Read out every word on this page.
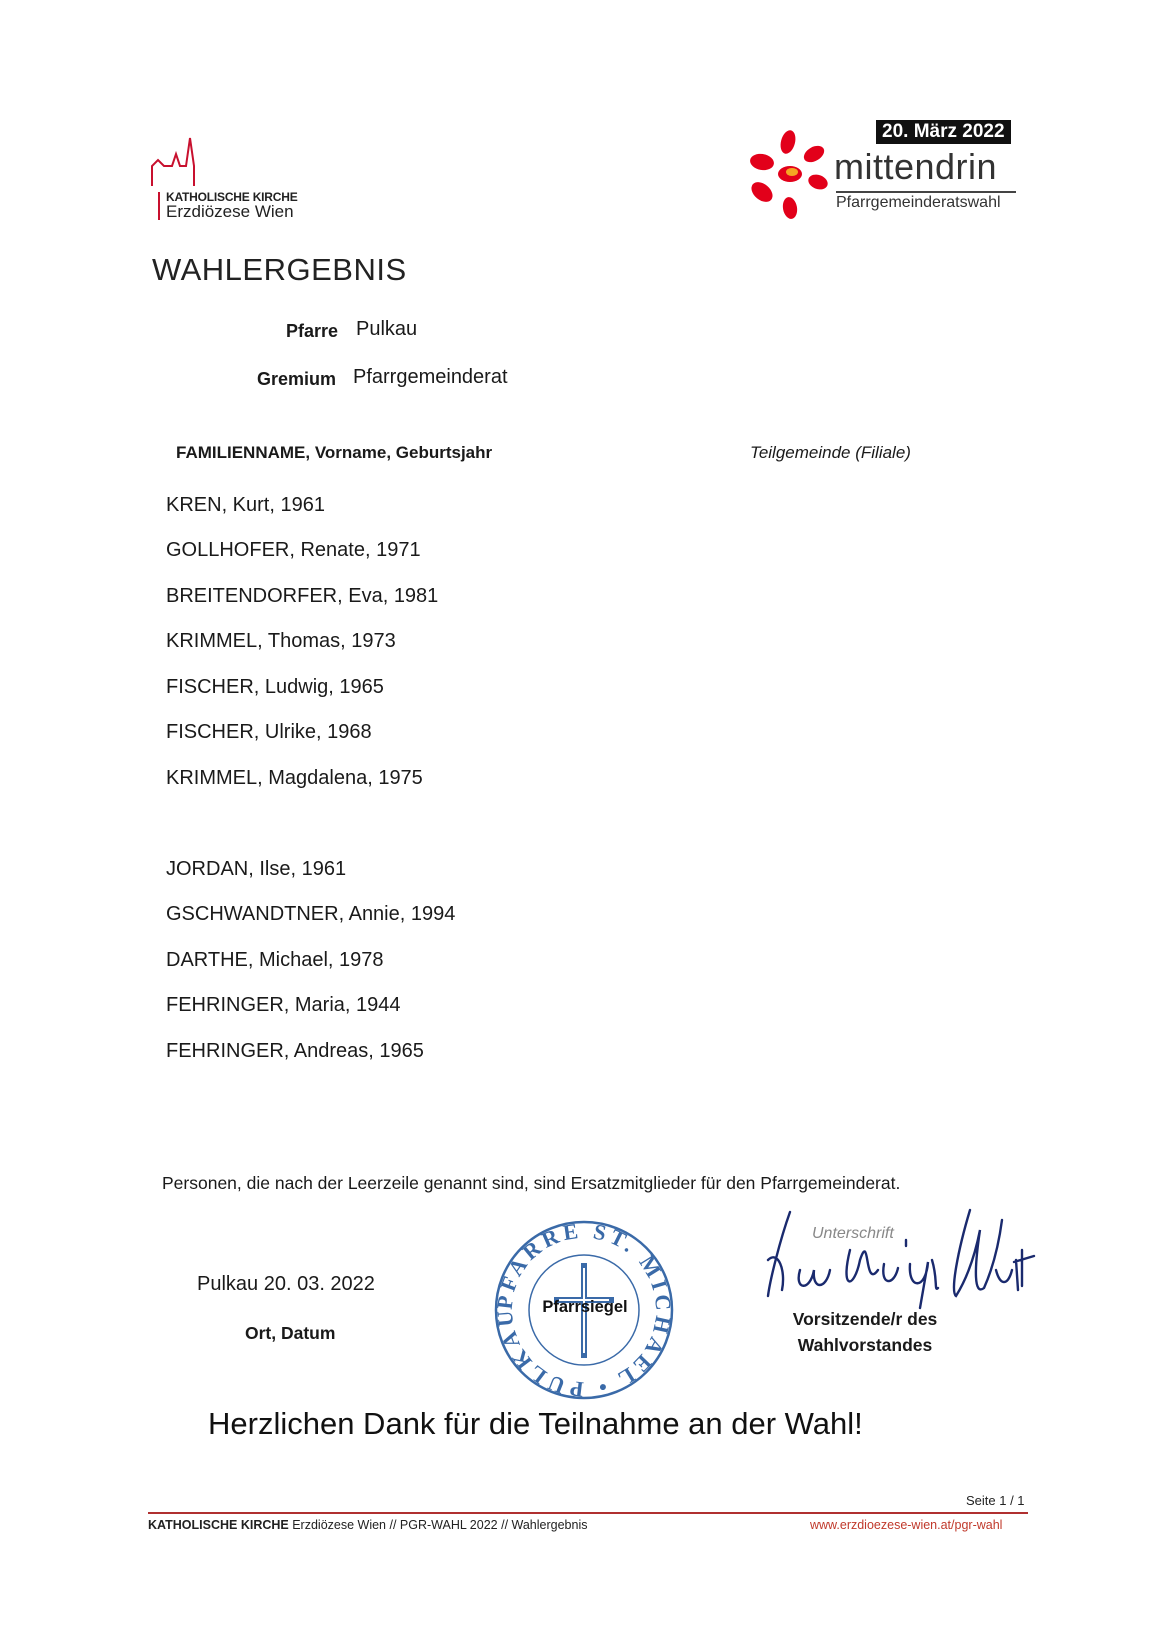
KATHOLISCHE KIRCHE
Erzdiözese Wien
20. März 2022
mittendrin
Pfarrgemeinderatswahl
WAHLERGEBNIS
Pfarre Pulkau
Gremium Pfarrgemeinderat
FAMILIENNAME, Vorname, Geburtsjahr	Teilgemeinde (Filiale)
KREN, Kurt, 1961
GOLLHOFER, Renate, 1971
BREITENDORFER, Eva, 1981
KRIMMEL, Thomas, 1973
FISCHER, Ludwig, 1965
FISCHER, Ulrike, 1968
KRIMMEL, Magdalena, 1975
JORDAN, Ilse, 1961
GSCHWANDTNER, Annie, 1994
DARTHE, Michael, 1978
FEHRINGER, Maria, 1944
FEHRINGER, Andreas, 1965
Personen, die nach der Leerzeile genannt sind, sind Ersatzmitglieder für den Pfarrgemeinderat.
Pulkau 20. 03. 2022
Ort, Datum
PFARRE ST. MICHAEL • PULKAU	Pfarrsiegel
Unterschrift
Vorsitzende/r des
Wahlvorstandes
Herzlichen Dank für die Teilnahme an der Wahl!
Seite 1 / 1
KATHOLISCHE KIRCHE Erzdiözese Wien // PGR-WAHL 2022 // Wahlergebnis	www.erzdioezese-wien.at/pgr-wahl
